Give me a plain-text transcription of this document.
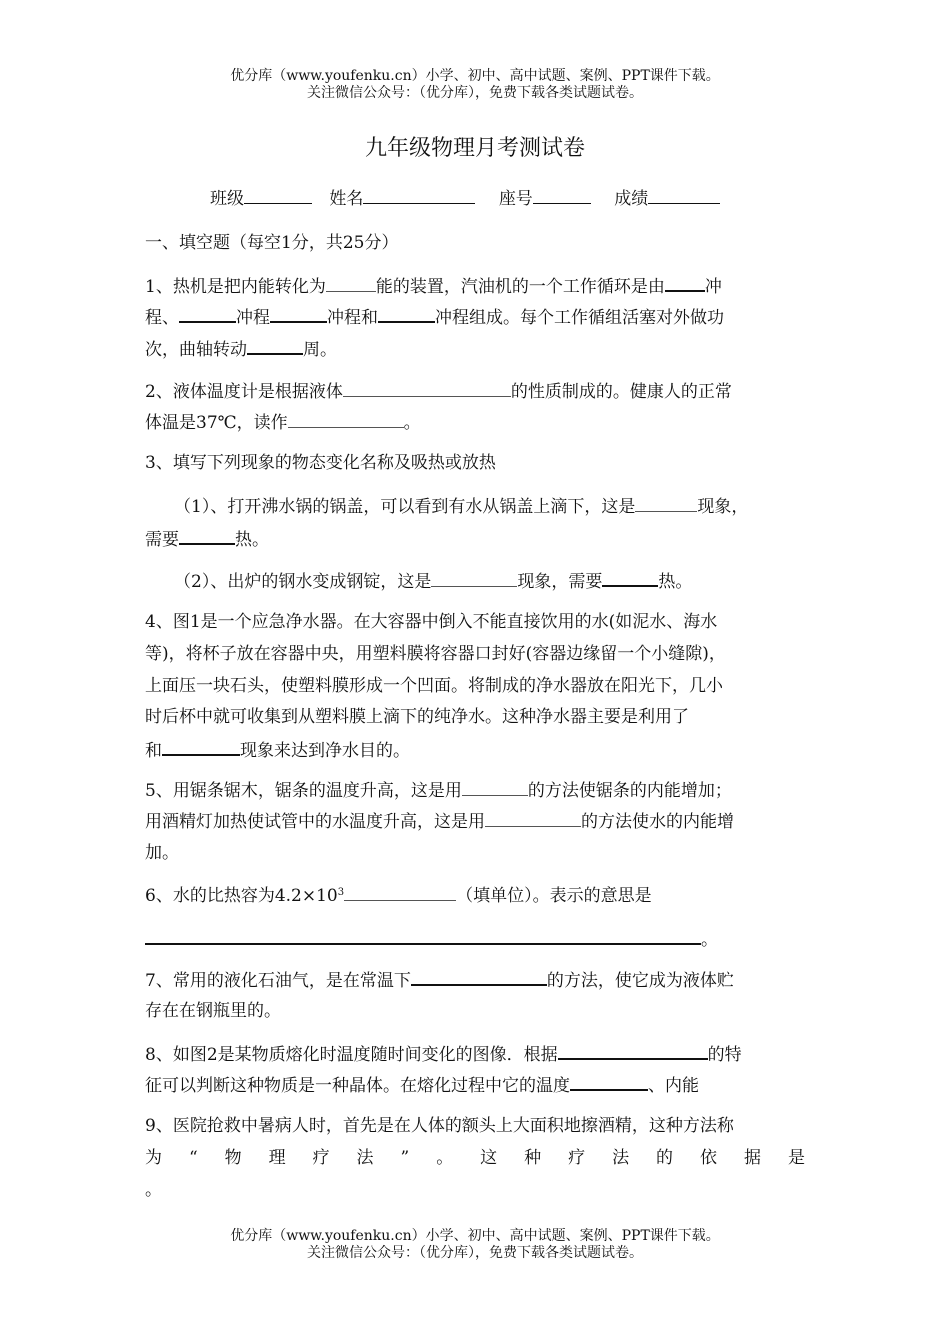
优分库（www.youfenku.cn）小学、初中、高中试题、案例、PPT课件下载。
关注微信公众号：（优分库），免费下载各类试题试卷。
九年级物理月考测试卷
班级	姓名	座号	成绩
一、填空题（每空1分，共25分）
1、热机是把内能转化为	能的装置，汽油机的一个工作循环是由 冲
程、	冲程	冲程和	冲程组成。每个工作循组活塞对外做功
次，曲轴转动	周。
2、液体温度计是根据液体	的性质制成的。健康人的正常
体温是37℃，读作	。
3、填写下列现象的物态变化名称及吸热或放热
（1）、打开沸水锅的锅盖，可以看到有水从锅盖上滴下，这是	现象，
需要	热。
（2）、出炉的钢水变成钢锭，这是	现象，需要	热。
4、图1是一个应急净水器。在大容器中倒入不能直接饮用的水(如泥水、海水
等)，将杯子放在容器中央，用塑料膜将容器口封好(容器边缘留一个小缝隙)，
上面压一块石头，使塑料膜形成一个凹面。将制成的净水器放在阳光下，几小
时后杯中就可收集到从塑料膜上滴下的纯净水。这种净水器主要是利用了
和	现象来达到净水目的。
5、用锯条锯木，锯条的温度升高，这是用	的方法使锯条的内能增加；
用酒精灯加热使试管中的水温度升高，这是用	的方法使水的内能增
加。
6、水的比热容为$4.2\times 10^3$	（填单位）。表示的意思是
。
7、常用的液化石油气，是在常温下	的方法，使它成为液体贮
存在在钢瓶里的。
8、如图2是某物质熔化时温度随时间变化的图像．根据	的特
征可以判断这种物质是一种晶体。在熔化过程中它的温度	、内能
9、医院抢救中暑病人时，首先是在人体的额头上大面积地擦酒精，这种方法称
为 “ 物 理 疗 法 ” 。 这 种 疗 法 的 依 据 是
。
优分库（www.youfenku.cn）小学、初中、高中试题、案例、PPT课件下载。
关注微信公众号：（优分库），免费下载各类试题试卷。
